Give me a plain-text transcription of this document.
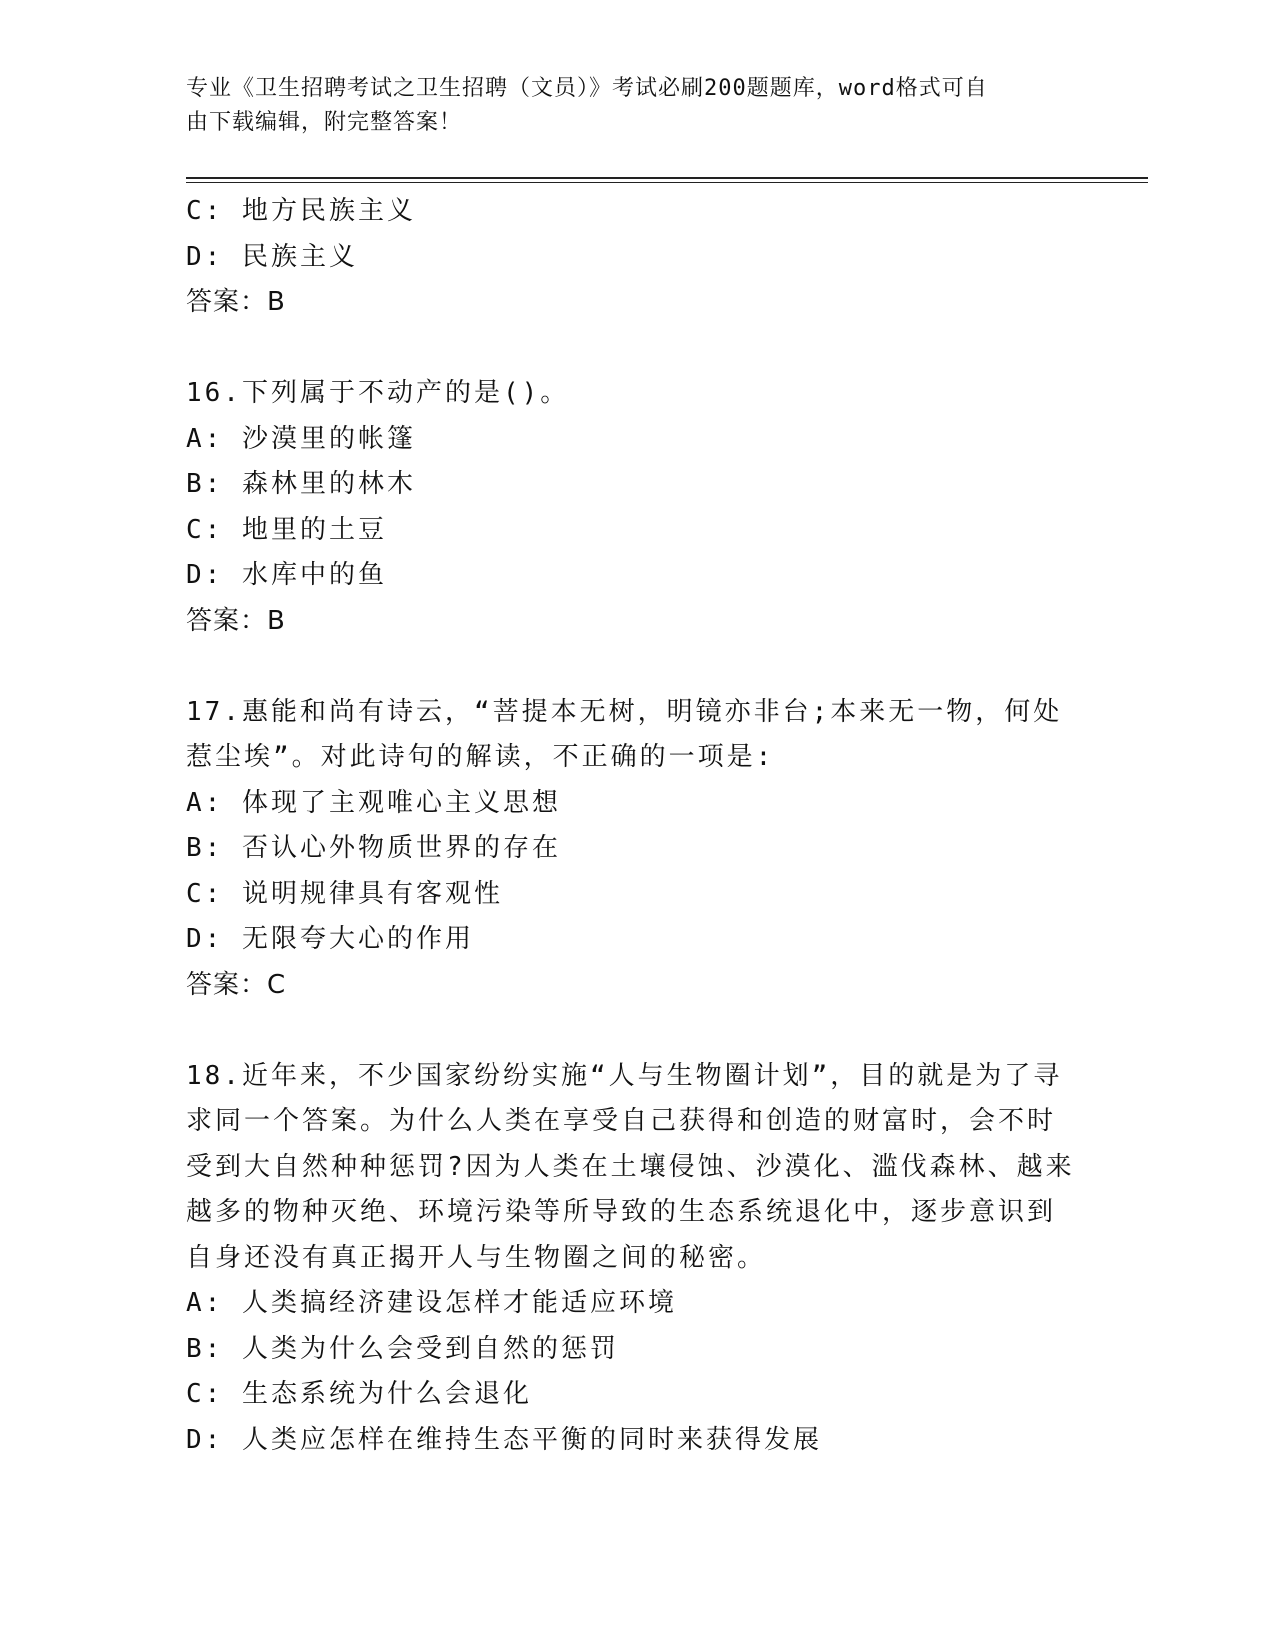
专业《卫生招聘考试之卫生招聘（文员）》考试必刷200题题库，word格式可自
由下载编辑，附完整答案！
C: 地方民族主义
D: 民族主义
答案：B
16.下列属于不动产的是()。
A: 沙漠里的帐篷
B: 森林里的林木
C: 地里的土豆
D: 水库中的鱼
答案：B
17.惠能和尚有诗云，“菩提本无树，明镜亦非台;本来无一物，何处
惹尘埃”。对此诗句的解读，不正确的一项是:
A: 体现了主观唯心主义思想
B: 否认心外物质世界的存在
C: 说明规律具有客观性
D: 无限夸大心的作用
答案：C
18.近年来，不少国家纷纷实施“人与生物圈计划”，目的就是为了寻
求同一个答案。为什么人类在享受自己获得和创造的财富时，会不时
受到大自然种种惩罚?因为人类在土壤侵蚀、沙漠化、滥伐森林、越来
越多的物种灭绝、环境污染等所导致的生态系统退化中，逐步意识到
自身还没有真正揭开人与生物圈之间的秘密。
A: 人类搞经济建设怎样才能适应环境
B: 人类为什么会受到自然的惩罚
C: 生态系统为什么会退化
D: 人类应怎样在维持生态平衡的同时来获得发展
